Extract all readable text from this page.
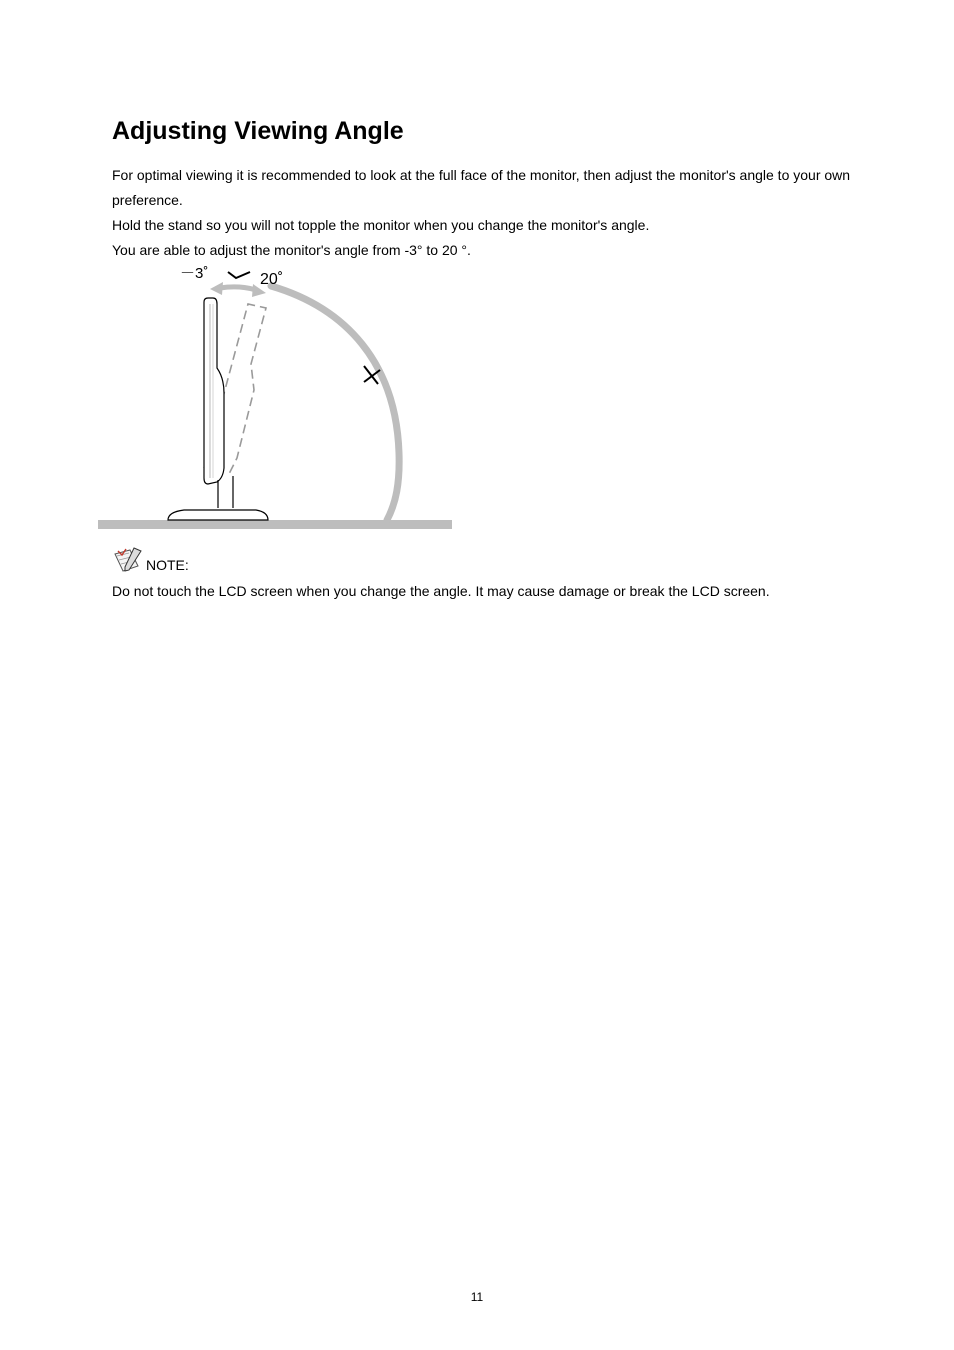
Adjusting Viewing Angle

For optimal viewing it is recommended to look at the full face of the monitor, then adjust the monitor's angle to your own preference.

Hold the stand so you will not topple the monitor when you change the monitor's angle.

You are able to adjust the monitor's angle from -3° to 20 °.

－3˚	20˚
NOTE:

Do not touch the LCD screen when you change the angle. It may cause damage or break the LCD screen.

11
